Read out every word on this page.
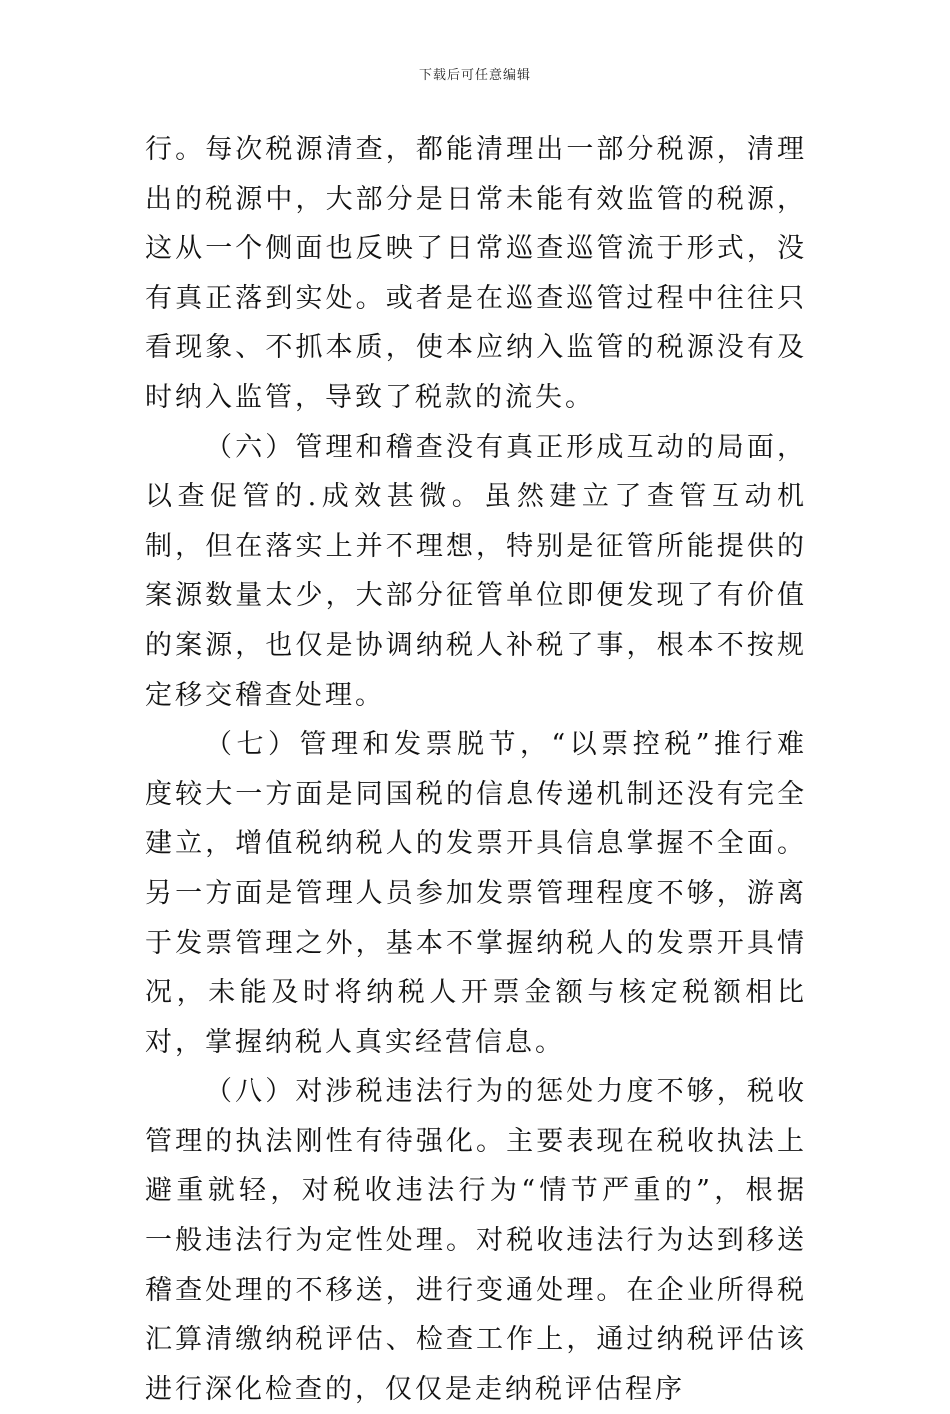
下载后可任意编辑

行。每次税源清查，都能清理出一部分税源，清理出的税源中，大部分是日常未能有效监管的税源，这从一个侧面也反映了日常巡查巡管流于形式，没有真正落到实处。或者是在巡查巡管过程中往往只看现象、不抓本质，使本应纳入监管的税源没有及时纳入监管，导致了税款的流失。

（六）管理和稽查没有真正形成互动的局面，以查促管的.成效甚微。虽然建立了查管互动机制，但在落实上并不理想，特别是征管所能提供的案源数量太少，大部分征管单位即便发现了有价值的案源，也仅是协调纳税人补税了事，根本不按规定移交稽查处理。

（七）管理和发票脱节，“以票控税”推行难度较大一方面是同国税的信息传递机制还没有完全建立，增值税纳税人的发票开具信息掌握不全面。另一方面是管理人员参加发票管理程度不够，游离于发票管理之外，基本不掌握纳税人的发票开具情况，未能及时将纳税人开票金额与核定税额相比对，掌握纳税人真实经营信息。

（八）对涉税违法行为的惩处力度不够，税收管理的执法刚性有待强化。主要表现在税收执法上避重就轻，对税收违法行为“情节严重的”，根据一般违法行为定性处理。对税收违法行为达到移送稽查处理的不移送，进行变通处理。在企业所得税汇算清缴纳税评估、检查工作上，通过纳税评估该进行深化检查的，仅仅是走纳税评估程序
